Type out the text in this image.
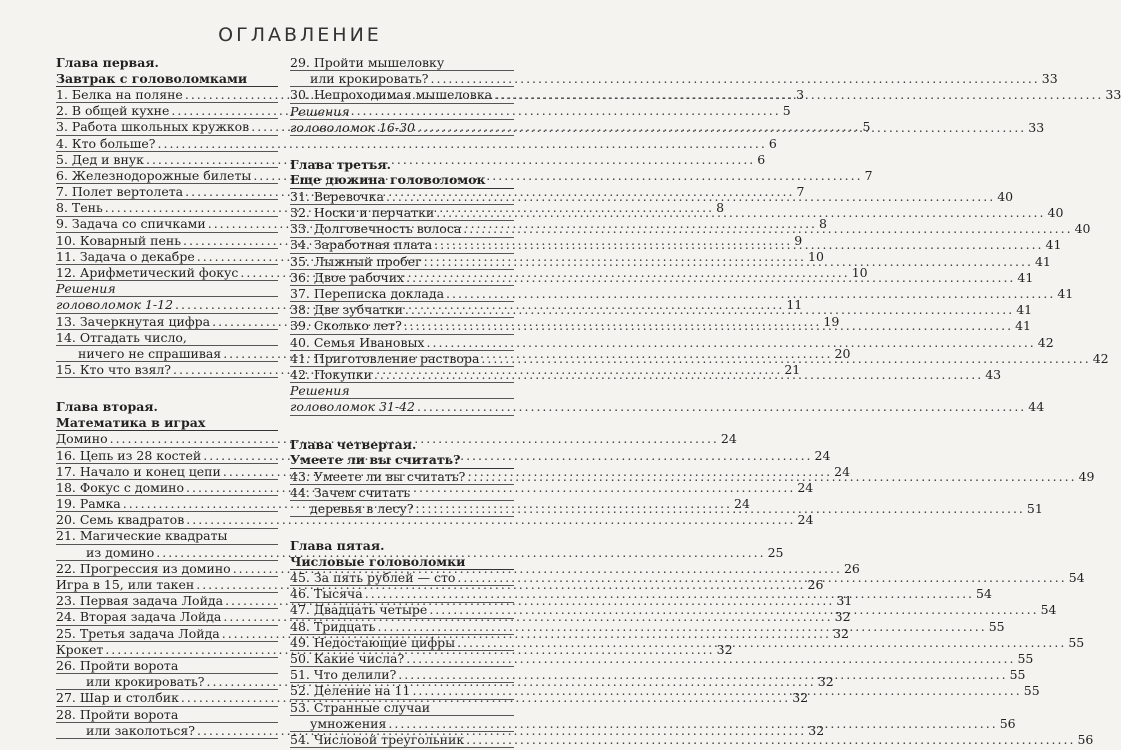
ОГЛАВЛЕНИЕ
Глава первая.
Завтрак с головоломками
1. Белка на поляне .....	3
2. В общей кухне .....	5
3. Работа школьных кружков .....	5
4. Кто больше? .....	6
5. Дед и внук .....	6
6. Железнодорожные билеты .....	7
7. Полет вертолета .....	7
8. Тень .....	8
9. Задача со спичками .....	8
10. Коварный пень .....	9
11. Задача о декабре .....	10
12. Арифметический фокус .....	10
Решения
головоломок 1-12 .....	11
13. Зачеркнутая цифра .....	19
14. Отгадать число,
ничего не спрашивая .....	20
15. Кто что взял? .....	21
Глава вторая.
Математика в играх
Домино .....	24
16. Цепь из 28 костей .....	24
17. Начало и конец цепи .....	24
18. Фокус с домино .....	24
19. Рамка .....	24
20. Семь квадратов .....	24
21. Магические квадраты
из домино .....	25
22. Прогрессия из домино .....	26
Игра в 15, или такен .....	26
23. Первая задача Лойда .....	31
24. Вторая задача Лойда .....	32
25. Третья задача Лойда .....	32
Крокет .....	32
26. Пройти ворота
или крокировать? .....	32
27. Шар и столбик .....	32
28. Пройти ворота
или заколоться? .....	32
29. Пройти мышеловку
или крокировать? .....	33
30. Непроходимая мышеловка .....	33
Решения
головоломок 16-30 .....	33
Глава третья.
Еще дюжина головоломок
31. Веревочка .....	40
32. Носки и перчатки .....	40
33. Долговечность волоса .....	40
34. Заработная плата .....	41
35. Лыжный пробег .....	41
36. Двое рабочих .....	41
37. Переписка доклада .....	41
38. Две зубчатки .....	41
39. Сколько лет? .....	41
40. Семья Ивановых .....	42
41. Приготовление раствора .....	42
42. Покупки .....	43
Решения
головоломок 31-42 .....	44
Глава четвертая.
Умеете ли вы считать?
43. Умеете ли вы считать? .....	49
44. Зачем считать
деревья в лесу? .....	51
Глава пятая.
Числовые головоломки
45. За пять рублей — сто .....	54
46. Тысяча .....	54
47. Двадцать четыре .....	54
48. Тридцать .....	55
49. Недостающие цифры .....	55
50. Какие числа? .....	55
51. Что делили? .....	55
52. Деление на 11 .....	55
53. Странные случаи
умножения .....	56
54. Числовой треугольник .....	56
